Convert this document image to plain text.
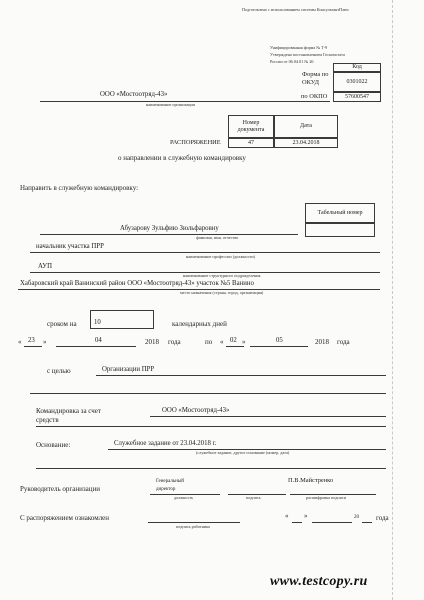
Подготовлено с использованием системы КонсультантПлюс
Унифицированная форма № Т-9
Утверждена постановлением Госкомстата
России от 06.04.01 № 26
Код
Форма по
ОКУД	0301022
по ОКПО	57600547
ООО «Мостоотряд-43»
наименование организации
Номер документа
Дата
РАСПОРЯЖЕНИЕ	47	23.04.2018
о направлении в служебную командировку
Направить в служебную командировку:
Табельный номер
Абузарову Зульфию Зюльфаровну
фамилия, имя, отчество
начальник участка ПРР
наименование профессии (должности)
АУП
наименование структурного подразделения
Хабаровский край Ванинский район ООО «Мостоотряд-43» участок №5 Ванино
место назначения (страна, город, организация)
сроком на	10	календарных дней
« 23 »	04	2018 года	по « 02 »	05	2018 года
с целью	Организации ПРР
Командировка за счет
средств
ООО «Мостоотряд-43»
Основание:	Служебное задание от 23.04.2018 г.
(служебное задание, другое основание (номер, дата)
Руководитель организации
Генеральный
директор
П.В.Майстренко
должность	подпись	расшифровка подписи
С распоряжением ознакомлен
подпись работника
« »	20 года
www.testcopy.ru
